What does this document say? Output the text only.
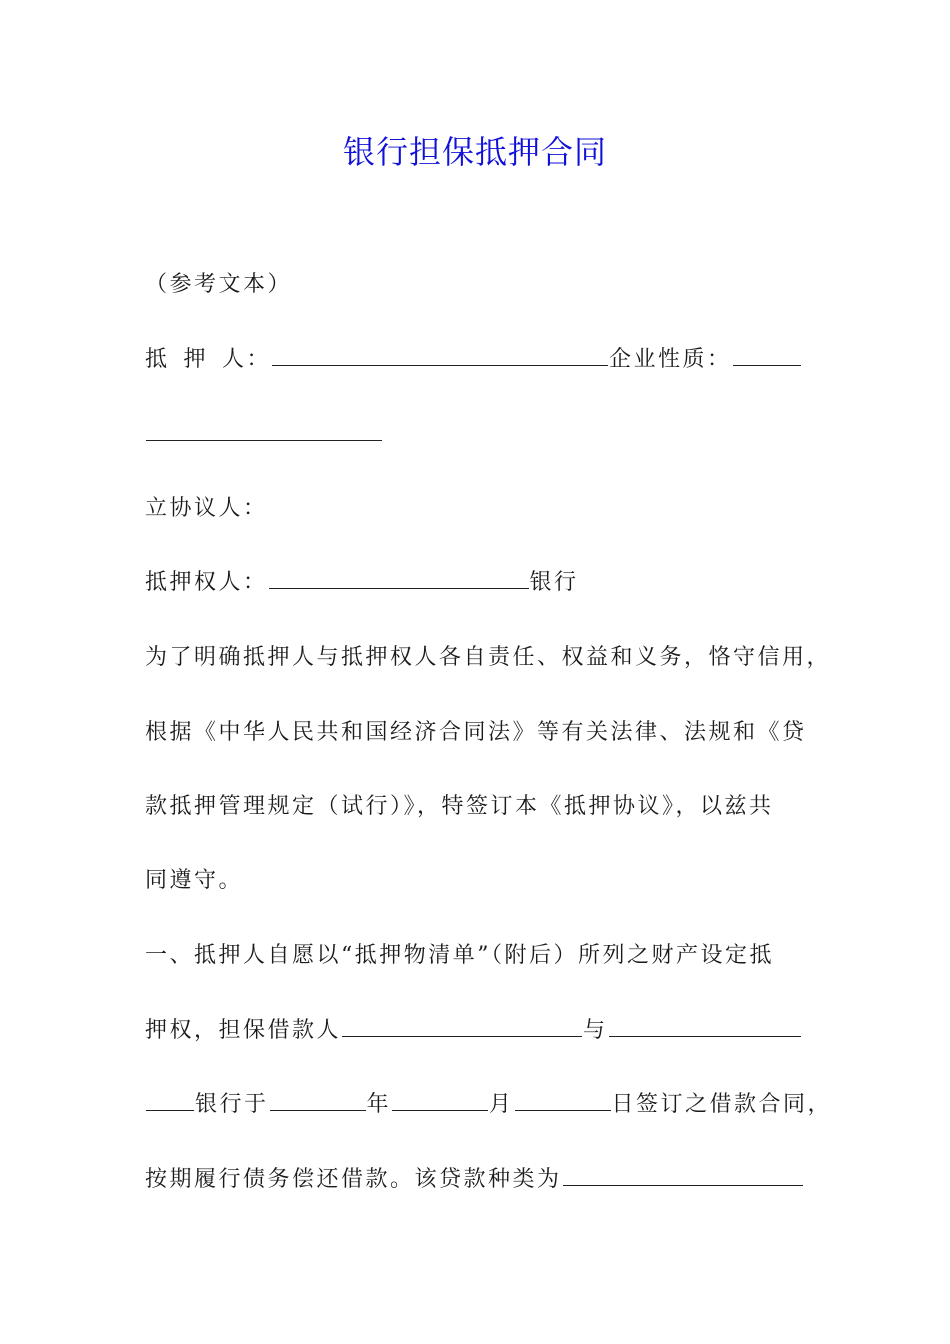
银行担保抵押合同
（参考文本）
抵 押 人：	企业性质：
立协议人：
抵押权人：	银行
为了明确抵押人与抵押权人各自责任、权益和义务，恪守信用，
根据《中华人民共和国经济合同法》等有关法律、法规和《贷
款抵押管理规定（试行）》，特签订本《抵押协议》，以兹共
同遵守。
一、抵押人自愿以“抵押物清单”（附后）所列之财产设定抵
押权，担保借款人	与
银行于	年	月	日签订之借款合同，
按期履行债务偿还借款。该贷款种类为
